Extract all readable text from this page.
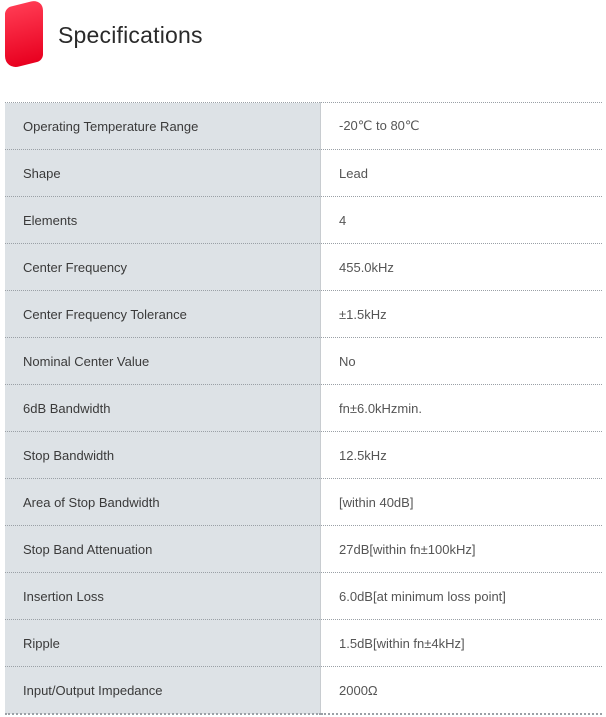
Specifications
Operating Temperature Range	-20℃ to 80℃
Shape	Lead
Elements	4
Center Frequency	455.0kHz
Center Frequency Tolerance	±1.5kHz
Nominal Center Value	No
6dB Bandwidth	fn±6.0kHzmin.
Stop Bandwidth	12.5kHz
Area of Stop Bandwidth	[within 40dB]
Stop Band Attenuation	27dB[within fn±100kHz]
Insertion Loss	6.0dB[at minimum loss point]
Ripple	1.5dB[within fn±4kHz]
Input/Output Impedance	2000Ω
